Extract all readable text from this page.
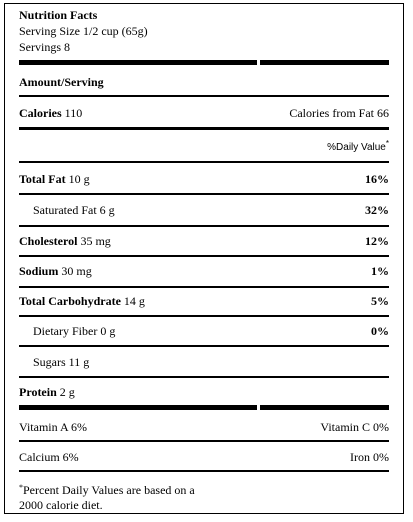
Nutrition Facts
Serving Size 1/2 cup (65g)
Servings 8
Amount/Serving
Calories 110	Calories from Fat 66
%Daily Value*
Total Fat 10 g	16%
Saturated Fat 6 g	32%
Cholesterol 35 mg	12%
Sodium 30 mg	1%
Total Carbohydrate 14 g	5%
Dietary Fiber 0 g	0%
Sugars 11 g
Protein 2 g
Vitamin A 6%	Vitamin C 0%
Calcium 6%	Iron 0%
*Percent Daily Values are based on a
2000 calorie diet.
